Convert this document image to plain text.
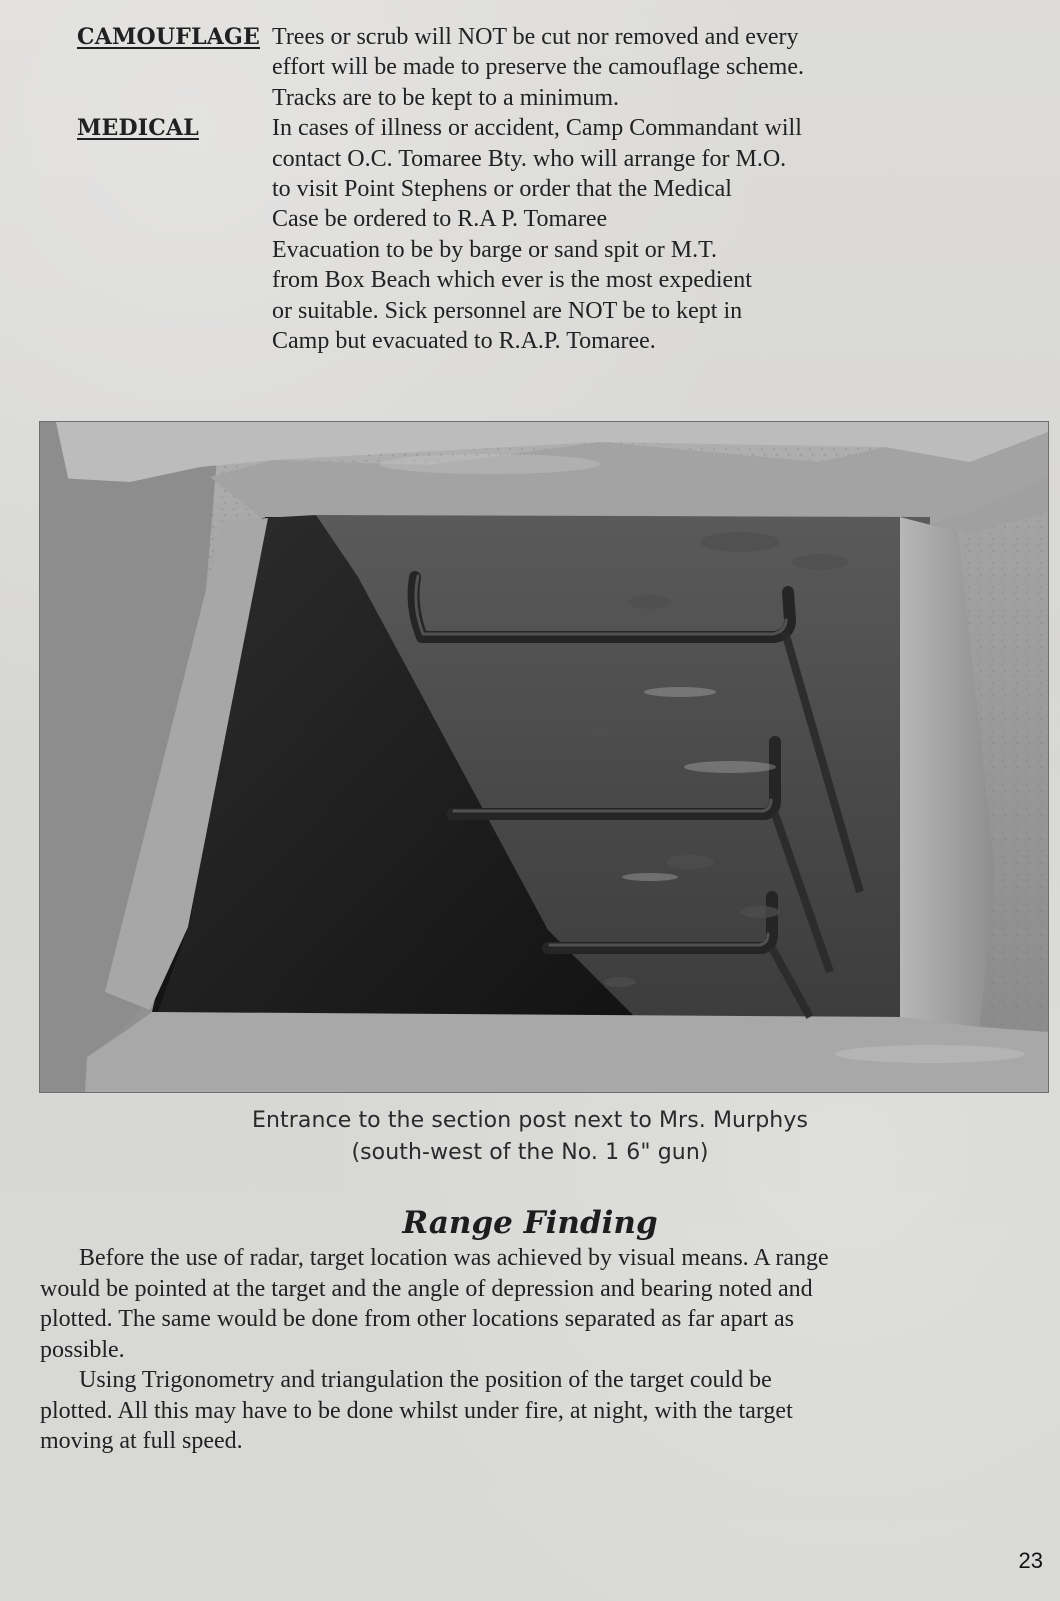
CAMOUFLAGE Trees or scrub will NOT be cut nor removed and every
effort will be made to preserve the camouflage scheme.
Tracks are to be kept to a minimum.
MEDICAL	In cases of illness or accident, Camp Commandant will
contact O.C. Tomaree Bty. who will arrange for M.O.
to visit Point Stephens or order that the Medical
Case be ordered to R.A P. Tomaree
Evacuation to be by barge or sand spit or M.T.
from Box Beach which ever is the most expedient
or suitable. Sick personnel are NOT be to kept in
Camp but evacuated to R.A.P. Tomaree.
Entrance to the section post next to Mrs. Murphys
(south-west of the No. 1 6" gun)
Range Finding

Before the use of radar, target location was achieved by visual means. A range
would be pointed at the target and the angle of depression and bearing noted and
plotted. The same would be done from other locations separated as far apart as
possible.

Using Trigonometry and triangulation the position of the target could be
plotted. All this may have to be done whilst under fire, at night, with the target
moving at full speed.

23
